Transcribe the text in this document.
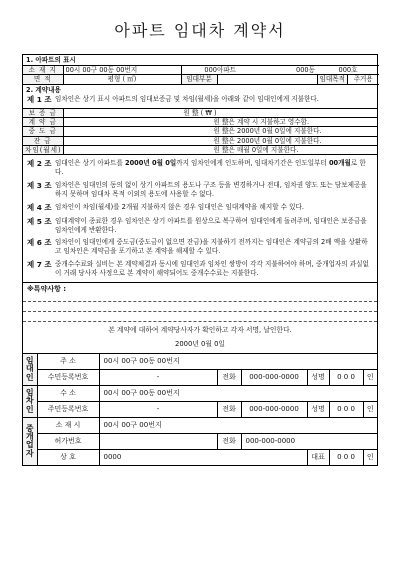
아파트 임대차 계약서
1. 아파트의 표시
소 재 지	00시 00구 00동 00번지	000아파트	000동	000호
면 적	평형 ( ㎡)	임대부분		임대목적	주거용
2. 계약내용
제 1 조 임차인은 상기 표시 아파트의 임대보증금 및 차임(월세)을 아래와 같이 임대인에게 지불한다.
보 증 금	원 整 ( ₩ )
계 약 금	원 整은 계약 시 지불하고 영수함.
중 도 금	원 整은 2000년 0월 0일에 지불한다.
잔 금	원 整은 2000년 0월 0일에 지불한다.
차임(월세)	원 整은 매월 0일에 지불한다.
제 2 조 임대인은 상기 아파트를 2000년 0월 0일까지 임차인에게 인도하며, 임대차기간은 인도일부터 00개월로 한다.
제 3 조 임차인은 임대인의 동의 없이 상기 아파트의 용도나 구조 등을 변경하거나 전대, 임차권 양도 또는 담보제공을 하지 못하며 임대차 목적 이외의 용도에 사용할 수 없다.
제 4 조 임차인이 차임(월세)를 2개월 지불하지 않은 경우 임대인은 임대계약을 해지할 수 있다.
제 5 조 임대계약이 종료한 경우 임차인은 상기 아파트를 원상으로 복구하여 임대인에게 돌려주며, 임대인은 보증금을 임차인에게 반환한다.
제 6 조 임차인이 임대인에게 중도금(중도금이 없으면 잔금)을 지불하기 전까지는 임대인은 계약금의 2배 액을 상환하고 임차인은 계약금을 포기하고 본 계약을 해제할 수 있다.
제 7 조 중개수수료와 실비는 본 계약체결과 동시에 임대인과 임차인 쌍방이 각각 지불하여야 하며, 중개업자의 과실없이 거래 당사자 사정으로 본 계약이 해약되어도 중개수수료는 지불한다.
※특약사항 :
본 계약에 대하여 계약당사자가 확인하고 각자 서명, 날인한다.
2000년 0월 0일
임대인	주 소	00시 00구 00동 00번지					
	수민등록번호	-	전화	000-000-0000	성명	0 0 0	인
임차인	수 소	00시 00구 00동 00번지					
	주민등록번호	-	전화	000-000-0000	성명	0 0 0	인
중개업자	소 재 시	00시 00구 00번지					
	허가번호		전화	000-000-0000			
	상 호	0000			대표	0 0 0	인
